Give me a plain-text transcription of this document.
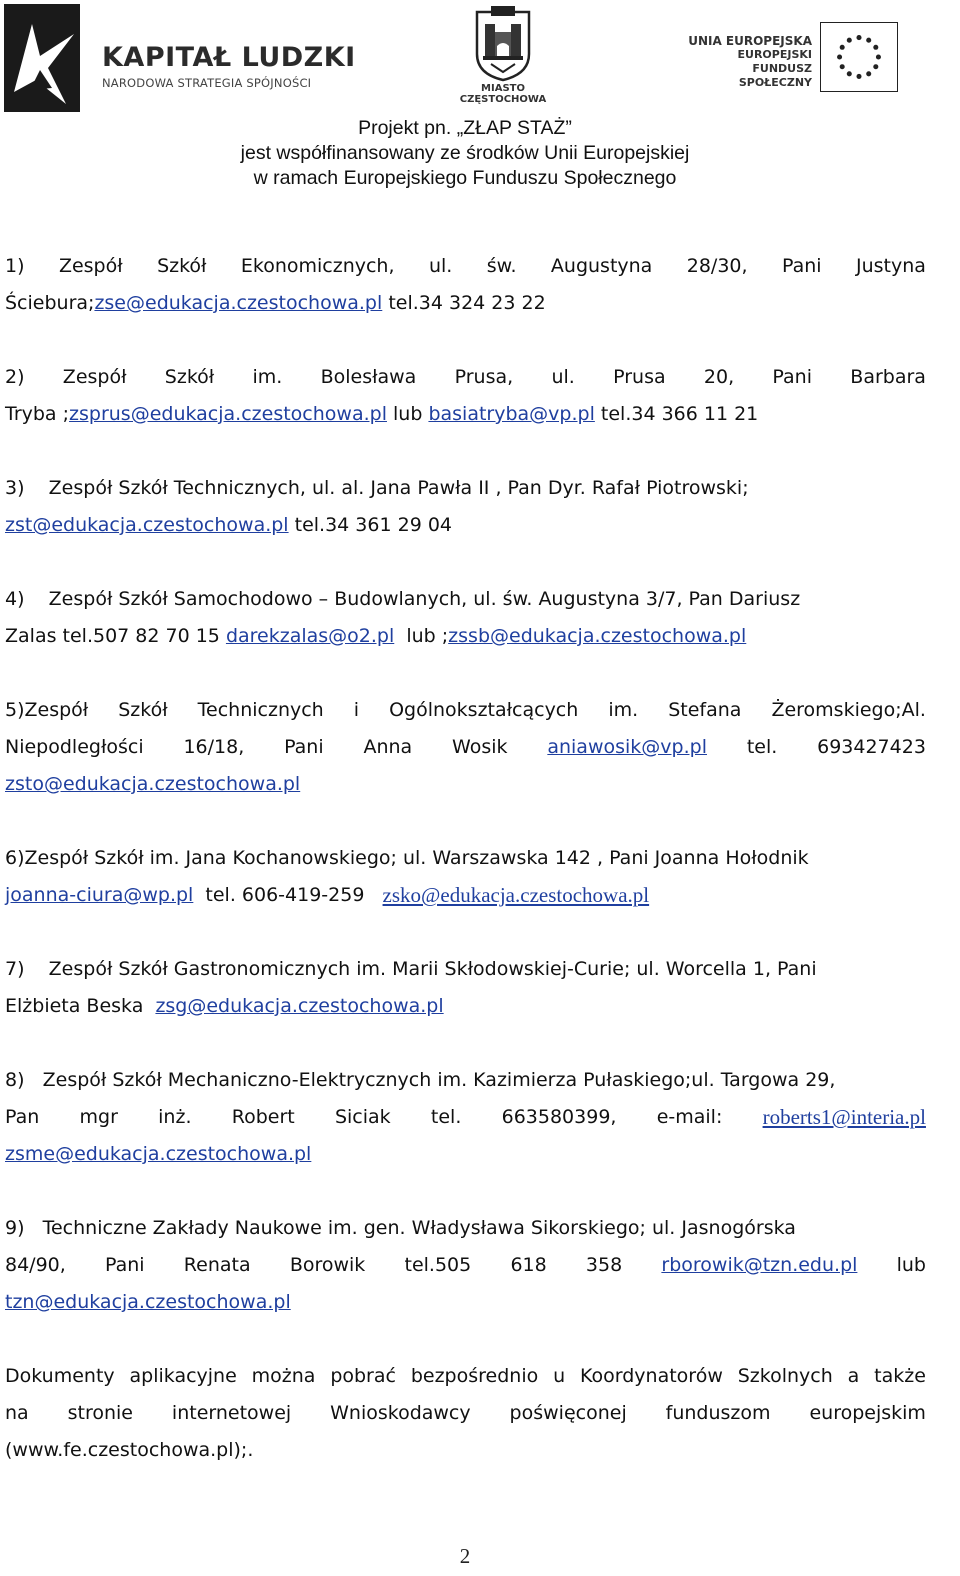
KAPITAŁ LUDZKI
NARODOWA STRATEGIA SPÓJNOŚCI	MIASTO
CZĘSTOCHOWA
UNIA EUROPEJSKA
EUROPEJSKI
FUNDUSZ SPOŁECZNY
Projekt pn. „ZŁAP STAŻ”
jest współfinansowany ze środków Unii Europejskiej
w ramach Europejskiego Funduszu Społecznego
1) Zespół Szkół Ekonomicznych, ul. św. Augustyna 28/30, Pani Justyna
Ściebura; zse@edukacja.czestochowa.pl tel.34 324 23 22
2) Zespół Szkół im. Bolesława Prusa, ul. Prusa 20, Pani Barbara
Tryba ; zsprus@edukacja.czestochowa.pl lub basiatryba@vp.pl tel.34 366 11 21
3)    Zespół Szkół Technicznych, ul. al. Jana Pawła II , Pan Dyr. Rafał Piotrowski;
zst@edukacja.czestochowa.pl tel.34 361 29 04
4)    Zespół Szkół Samochodowo – Budowlanych, ul. św. Augustyna 3/7, Pan Dariusz
Zalas tel.507 82 70 15 darekzalas@o2.pl lub ; zssb@edukacja.czestochowa.pl
5)Zespół Szkół Technicznych i Ogólnokształcących im. Stefana Żeromskiego;Al.
Niepodległości 16/18, Pani Anna Wosik aniawosik@vp.pl tel. 693427423
zsto@edukacja.czestochowa.pl
6)Zespół Szkół im. Jana Kochanowskiego; ul. Warszawska 142 , Pani Joanna Hołodnik
joanna-ciura@wp.pl tel. 606-419-259 zsko@edukacja.czestochowa.pl
7)    Zespół Szkół Gastronomicznych im. Marii Skłodowskiej-Curie; ul. Worcella 1, Pani
Elżbieta Beska zsg@edukacja.czestochowa.pl
8)   Zespół Szkół Mechaniczno-Elektrycznych im. Kazimierza Pułaskiego;ul. Targowa 29,
Pan mgr inż. Robert Siciak tel. 663580399, e-mail: roberts1@interia.pl
zsme@edukacja.czestochowa.pl
9)   Techniczne Zakłady Naukowe im. gen. Władysława Sikorskiego; ul. Jasnogórska
84/90, Pani Renata Borowik tel.505 618 358 rborowik@tzn.edu.pl lub
tzn@edukacja.czestochowa.pl
Dokumenty aplikacyjne można pobrać bezpośrednio u Koordynatorów Szkolnych a także
na stronie internetowej Wnioskodawcy poświęconej funduszom europejskim
(www.fe.czestochowa.pl);.
2
